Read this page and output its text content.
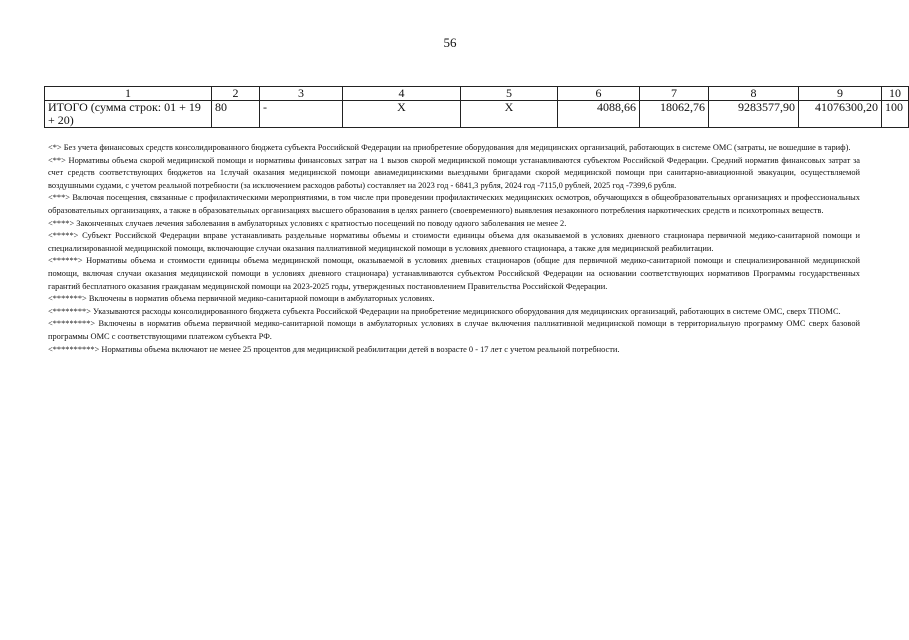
56
1	2	3	4	5	6	7	8	9	10
ИТОГО (сумма строк: 01 + 19 + 20)	80	-	Х	Х	4088,66	18062,76	9283577,90	41076300,20	100

<*> Без учета финансовых средств консолидированного бюджета субъекта Российской Федерации на приобретение оборудования для медицинских организаций, работающих в системе ОМС (затраты, не вошедшие в тариф).

<**> Нормативы объема скорой медицинской помощи и нормативы финансовых затрат на 1 вызов скорой медицинской помощи устанавливаются субъектом Российской Федерации. Средний норматив финансовых затрат за счет средств соответствующих бюджетов на 1случай оказания медицинской помощи авиамедицинскими выездными бригадами скорой медицинской помощи при санитарно-авиационной эвакуации, осуществляемой воздушными судами, с учетом реальной потребности (за исключением расходов работы) составляет на 2023 год - 6841,3 рубля, 2024 год -7115,0 рублей, 2025 год -7399,6 рубля.

<***> Включая посещения, связанные с профилактическими мероприятиями, в том числе при проведении профилактических медицинских осмотров, обучающихся в общеобразовательных организациях и профессиональных образовательных организациях, а также в образовательных организациях высшего образования в целях раннего (своевременного) выявления незаконного потребления наркотических средств и психотропных веществ.

<****> Законченных случаев лечения заболевания в амбулаторных условиях с кратностью посещений по поводу одного заболевания не менее 2.

<*****> Субъект Российской Федерации вправе устанавливать раздельные нормативы объемы и стоимости единицы объема для оказываемой в условиях дневного стационара первичной медико-санитарной помощи и специализированной медицинской помощи, включающие случаи оказания паллиативной медицинской помощи в условиях дневного стационара, а также для медицинской реабилитации.

<******> Нормативы объема и стоимости единицы объема медицинской помощи, оказываемой в условиях дневных стационаров (общие для первичной медико-санитарной помощи и специализированной медицинской помощи, включая случаи оказания медицинской помощи в условиях дневного стационара) устанавливаются субъектом Российской Федерации на основании соответствующих нормативов Программы государственных гарантий бесплатного оказания гражданам медицинской помощи на 2023-2025 годы, утвержденных постановлением Правительства Российской Федерации.

<*******> Включены в норматив объема первичной медико-санитарной помощи в амбулаторных условиях.

<********> Указываются расходы консолидированного бюджета субъекта Российской Федерации на приобретение медицинского оборудования для медицинских организаций, работающих в системе ОМС, сверх ТПОМС.

<*********> Включены в норматив объема первичной медико-санитарной помощи в амбулаторных условиях в случае включения паллиативной медицинской помощи в территориальную программу ОМС сверх базовой программы ОМС с соответствующими платежом субъекта РФ.

<**********> Нормативы объема включают не менее 25 процентов для медицинской реабилитации детей в возрасте 0 - 17 лет с учетом реальной потребности.
